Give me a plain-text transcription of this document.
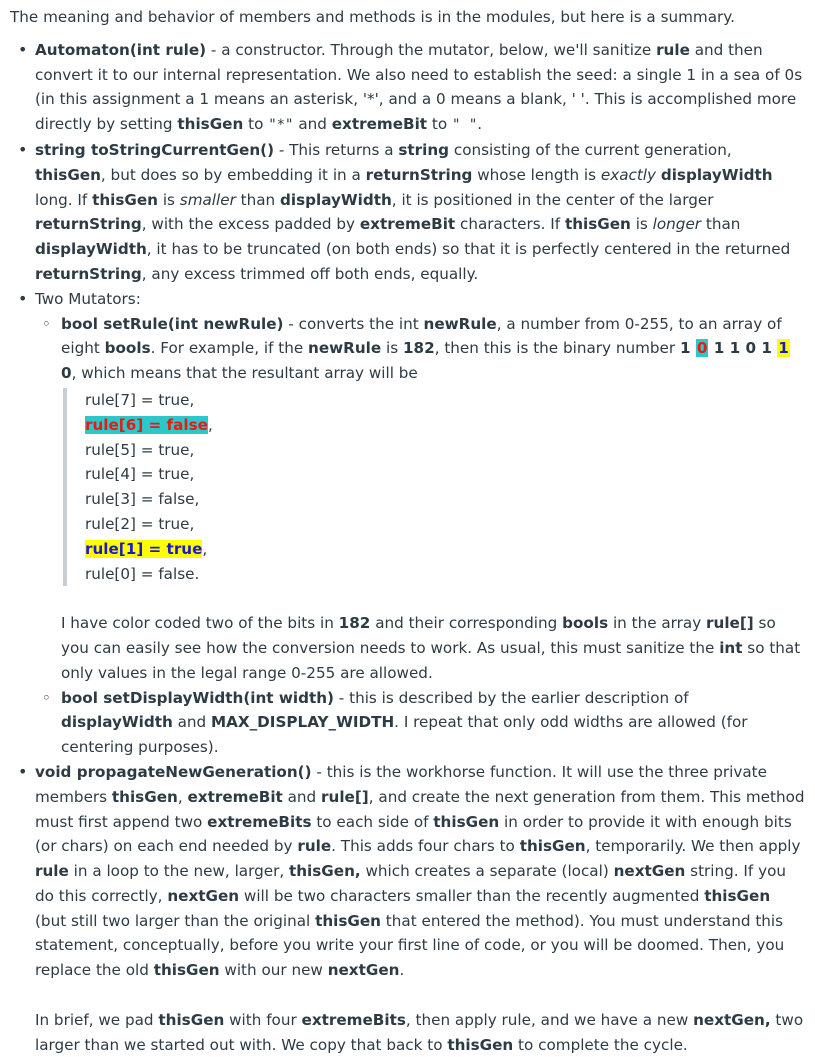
The meaning and behavior of members and methods is in the modules, but here is a summary.

• Automaton(int rule) - a constructor. Through the mutator, below, we'll sanitize rule and then convert it to our internal representation. We also need to establish the seed: a single 1 in a sea of 0s (in this assignment a 1 means an asterisk, '*', and a 0 means a blank, ' '. This is accomplished more directly by setting thisGen to "*" and extremeBit to " ".
• string toStringCurrentGen() - This returns a string consisting of the current generation, thisGen, but does so by embedding it in a returnString whose length is exactly displayWidth long. If thisGen is smaller than displayWidth, it is positioned in the center of the larger returnString, with the excess padded by extremeBit characters. If thisGen is longer than displayWidth, it has to be truncated (on both ends) so that it is perfectly centered in the returned returnString, any excess trimmed off both ends, equally.
• Two Mutators:
◦ bool setRule(int newRule) - converts the int newRule, a number from 0-255, to an array of eight bools. For example, if the newRule is 182, then this is the binary number 1 0 1 1 0 1 1 0, which means that the resultant array will be
rule[7] = true,
rule[6] = false,
rule[5] = true,
rule[4] = true,
rule[3] = false,
rule[2] = true,
rule[1] = true,
rule[0] = false.

I have color coded two of the bits in 182 and their corresponding bools in the array rule[] so you can easily see how the conversion needs to work. As usual, this must sanitize the int so that only values in the legal range 0-255 are allowed.

◦ bool setDisplayWidth(int width) - this is described by the earlier description of displayWidth and MAX_DISPLAY_WIDTH. I repeat that only odd widths are allowed (for centering purposes).
• void propagateNewGeneration() - this is the workhorse function. It will use the three private members thisGen, extremeBit and rule[], and create the next generation from them. This method must first append two extremeBits to each side of thisGen in order to provide it with enough bits (or chars) on each end needed by rule. This adds four chars to thisGen, temporarily. We then apply rule in a loop to the new, larger, thisGen, which creates a separate (local) nextGen string. If you do this correctly, nextGen will be two characters smaller than the recently augmented thisGen (but still two larger than the original thisGen that entered the method). You must understand this statement, conceptually, before you write your first line of code, or you will be doomed. Then, you replace the old thisGen with our new nextGen.

In brief, we pad thisGen with four extremeBits, then apply rule, and we have a new nextGen, two larger than we started out with. We copy that back to thisGen to complete the cycle.
